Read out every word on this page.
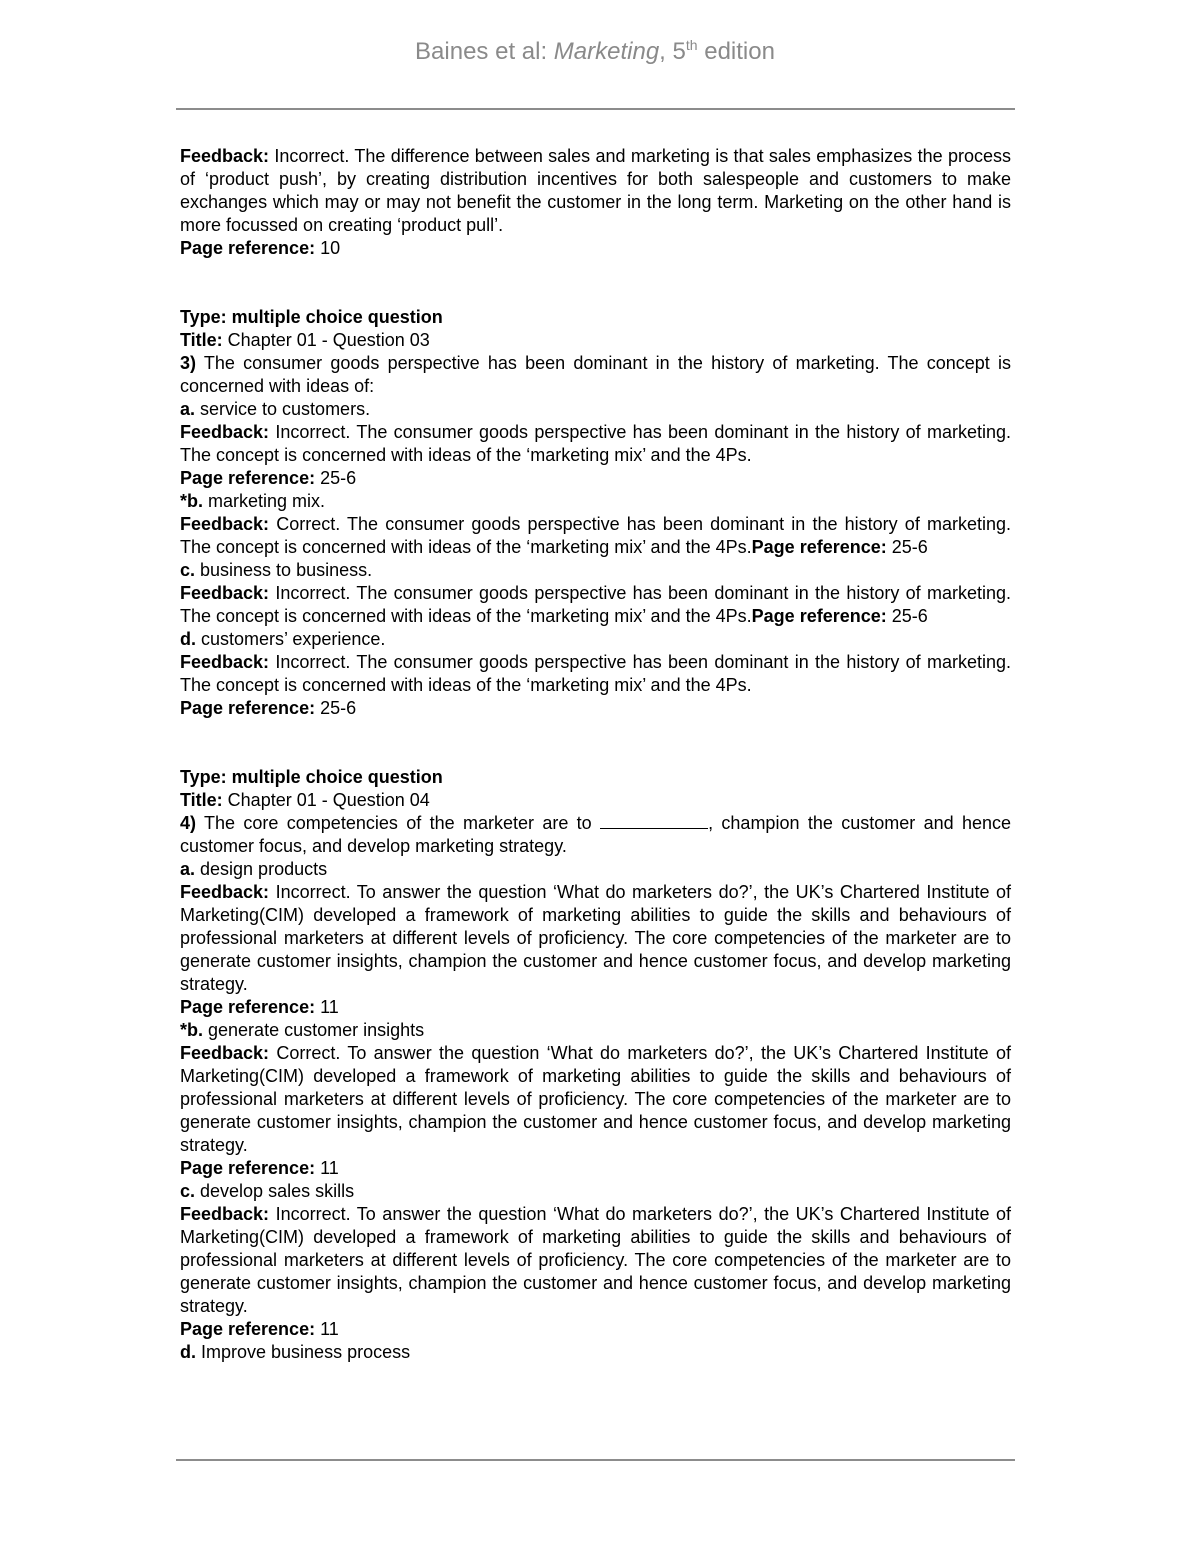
Baines et al: Marketing, 5th edition

Feedback: Incorrect. The difference between sales and marketing is that sales emphasizes the process of ‘product push’, by creating distribution incentives for both salespeople and customers to make exchanges which may or may not benefit the customer in the long term. Marketing on the other hand is more focussed on creating ‘product pull’.

Page reference: 10

Type: multiple choice question

Title: Chapter 01 - Question 03

3) The consumer goods perspective has been dominant in the history of marketing. The concept is concerned with ideas of:

a. service to customers.

Feedback: Incorrect. The consumer goods perspective has been dominant in the history of marketing. The concept is concerned with ideas of the ‘marketing mix’ and the 4Ps.

Page reference: 25-6

*b. marketing mix.

Feedback: Correct. The consumer goods perspective has been dominant in the history of marketing. The concept is concerned with ideas of the ‘marketing mix’ and the 4Ps.Page reference: 25-6

c. business to business.

Feedback: Incorrect. The consumer goods perspective has been dominant in the history of marketing. The concept is concerned with ideas of the ‘marketing mix’ and the 4Ps.Page reference: 25-6

d. customers’ experience.

Feedback: Incorrect. The consumer goods perspective has been dominant in the history of marketing. The concept is concerned with ideas of the ‘marketing mix’ and the 4Ps.

Page reference: 25-6

Type: multiple choice question

Title: Chapter 01 - Question 04

4) The core competencies of the marketer are to	, champion the customer and hence customer focus, and develop marketing strategy.

a. design products

Feedback: Incorrect. To answer the question ‘What do marketers do?’, the UK’s Chartered Institute of Marketing(CIM) developed a framework of marketing abilities to guide the skills and behaviours of professional marketers at different levels of proficiency. The core competencies of the marketer are to generate customer insights, champion the customer and hence customer focus, and develop marketing strategy.

Page reference: 11

*b. generate customer insights

Feedback: Correct. To answer the question ‘What do marketers do?’, the UK’s Chartered Institute of Marketing(CIM) developed a framework of marketing abilities to guide the skills and behaviours of professional marketers at different levels of proficiency. The core competencies of the marketer are to generate customer insights, champion the customer and hence customer focus, and develop marketing strategy.

Page reference: 11

c. develop sales skills

Feedback: Incorrect. To answer the question ‘What do marketers do?’, the UK’s Chartered Institute of Marketing(CIM) developed a framework of marketing abilities to guide the skills and behaviours of professional marketers at different levels of proficiency. The core competencies of the marketer are to generate customer insights, champion the customer and hence customer focus, and develop marketing strategy.

Page reference: 11

d. Improve business process
